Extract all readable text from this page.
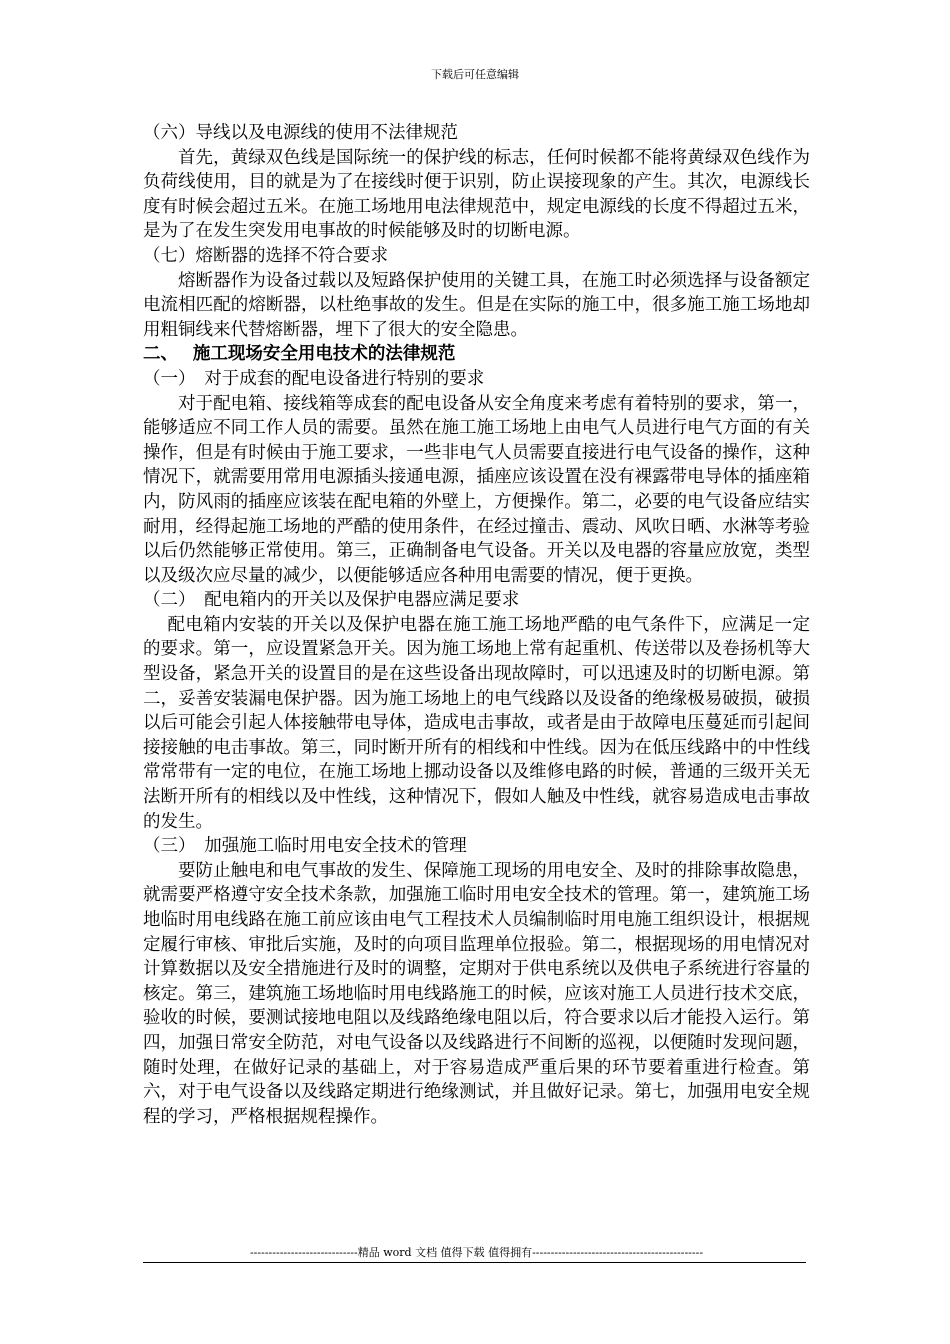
下载后可任意编辑

（六）导线以及电源线的使用不法律规范

首先，黄绿双色线是国际统一的保护线的标志，任何时候都不能将黄绿双色线作为负荷线使用，目的就是为了在接线时便于识别，防止误接现象的产生。其次，电源线长度有时候会超过五米。在施工场地用电法律规范中，规定电源线的长度不得超过五米，是为了在发生突发用电事故的时候能够及时的切断电源。

（七）熔断器的选择不符合要求

熔断器作为设备过载以及短路保护使用的关键工具，在施工时必须选择与设备额定电流相匹配的熔断器，以杜绝事故的发生。但是在实际的施工中，很多施工施工场地却用粗铜线来代替熔断器，埋下了很大的安全隐患。

二、　 施工现场安全用电技术的法律规范

（一）　对于成套的配电设备进行特别的要求

对于配电箱、接线箱等成套的配电设备从安全角度来考虑有着特别的要求，第一，能够适应不同工作人员的需要。虽然在施工施工场地上由电气人员进行电气方面的有关操作，但是有时候由于施工要求，一些非电气人员需要直接进行电气设备的操作，这种情况下，就需要用常用电源插头接通电源，插座应该设置在没有裸露带电导体的插座箱内，防风雨的插座应该装在配电箱的外壁上，方便操作。第二，必要的电气设备应结实耐用，经得起施工场地的严酷的使用条件，在经过撞击、震动、风吹日晒、水淋等考验以后仍然能够正常使用。第三，正确制备电气设备。开关以及电器的容量应放宽，类型以及级次应尽量的减少，以便能够适应各种用电需要的情况，便于更换。

（二）　配电箱内的开关以及保护电器应满足要求

配电箱内安装的开关以及保护电器在施工施工场地严酷的电气条件下，应满足一定的要求。第一，应设置紧急开关。因为施工场地上常有起重机、传送带以及卷扬机等大型设备，紧急开关的设置目的是在这些设备出现故障时，可以迅速及时的切断电源。第二，妥善安装漏电保护器。因为施工场地上的电气线路以及设备的绝缘极易破损，破损以后可能会引起人体接触带电导体，造成电击事故，或者是由于故障电压蔓延而引起间接接触的电击事故。第三，同时断开所有的相线和中性线。因为在低压线路中的中性线常常带有一定的电位，在施工场地上挪动设备以及维修电路的时候，普通的三级开关无法断开所有的相线以及中性线，这种情况下，假如人触及中性线，就容易造成电击事故的发生。

（三）　加强施工临时用电安全技术的管理

要防止触电和电气事故的发生、保障施工现场的用电安全、及时的排除事故隐患，就需要严格遵守安全技术条款，加强施工临时用电安全技术的管理。第一，建筑施工场地临时用电线路在施工前应该由电气工程技术人员编制临时用电施工组织设计，根据规定履行审核、审批后实施，及时的向项目监理单位报验。第二，根据现场的用电情况对计算数据以及安全措施进行及时的调整，定期对于供电系统以及供电子系统进行容量的核定。第三，建筑施工场地临时用电线路施工的时候，应该对施工人员进行技术交底，验收的时候，要测试接地电阻以及线路绝缘电阻以后，符合要求以后才能投入运行。第四，加强日常安全防范，对电气设备以及线路进行不间断的巡视，以便随时发现问题，随时处理，在做好记录的基础上，对于容易造成严重后果的环节要着重进行检查。第六，对于电气设备以及线路定期进行绝缘测试，并且做好记录。第七，加强用电安全规程的学习，严格根据规程操作。

-----------------------------精品 word 文档 值得下载 值得拥有----------------------------------------------
